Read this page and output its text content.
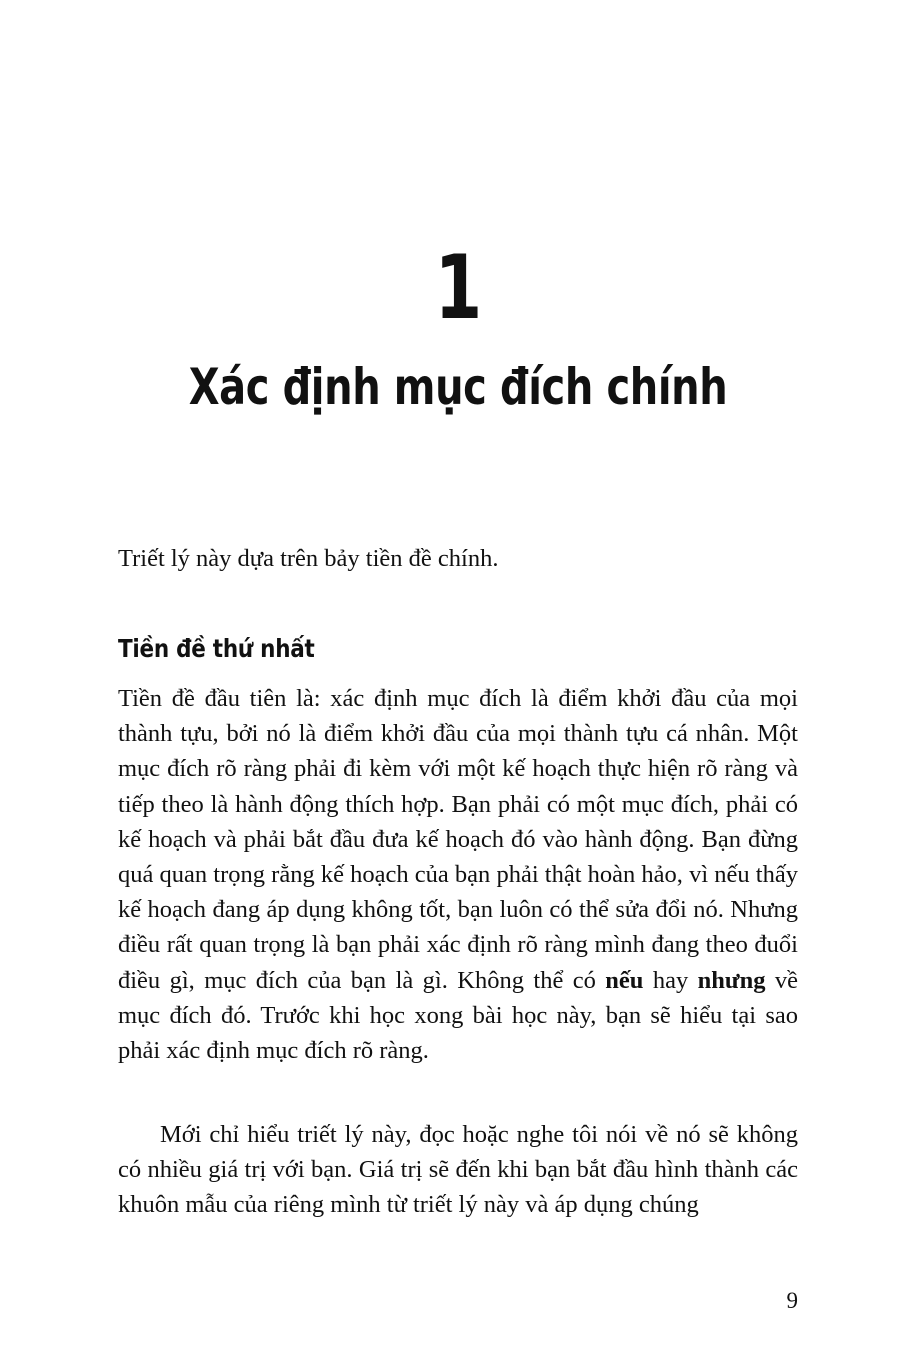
1
Xác định mục đích chính

Triết lý này dựa trên bảy tiền đề chính.

Tiền đề thứ nhất

Tiền đề đầu tiên là: xác định mục đích là điểm khởi đầu của mọi thành tựu, bởi nó là điểm khởi đầu của mọi thành tựu cá nhân. Một mục đích rõ ràng phải đi kèm với một kế hoạch thực hiện rõ ràng và tiếp theo là hành động thích hợp. Bạn phải có một mục đích, phải có kế hoạch và phải bắt đầu đưa kế hoạch đó vào hành động. Bạn đừng quá quan trọng rằng kế hoạch của bạn phải thật hoàn hảo, vì nếu thấy kế hoạch đang áp dụng không tốt, bạn luôn có thể sửa đổi nó. Nhưng điều rất quan trọng là bạn phải xác định rõ ràng mình đang theo đuổi điều gì, mục đích của bạn là gì. Không thể có nếu hay nhưng về mục đích đó. Trước khi học xong bài học này, bạn sẽ hiểu tại sao phải xác định mục đích rõ ràng.

Mới chỉ hiểu triết lý này, đọc hoặc nghe tôi nói về nó sẽ không có nhiều giá trị với bạn. Giá trị sẽ đến khi bạn bắt đầu hình thành các khuôn mẫu của riêng mình từ triết lý này và áp dụng chúng

9
